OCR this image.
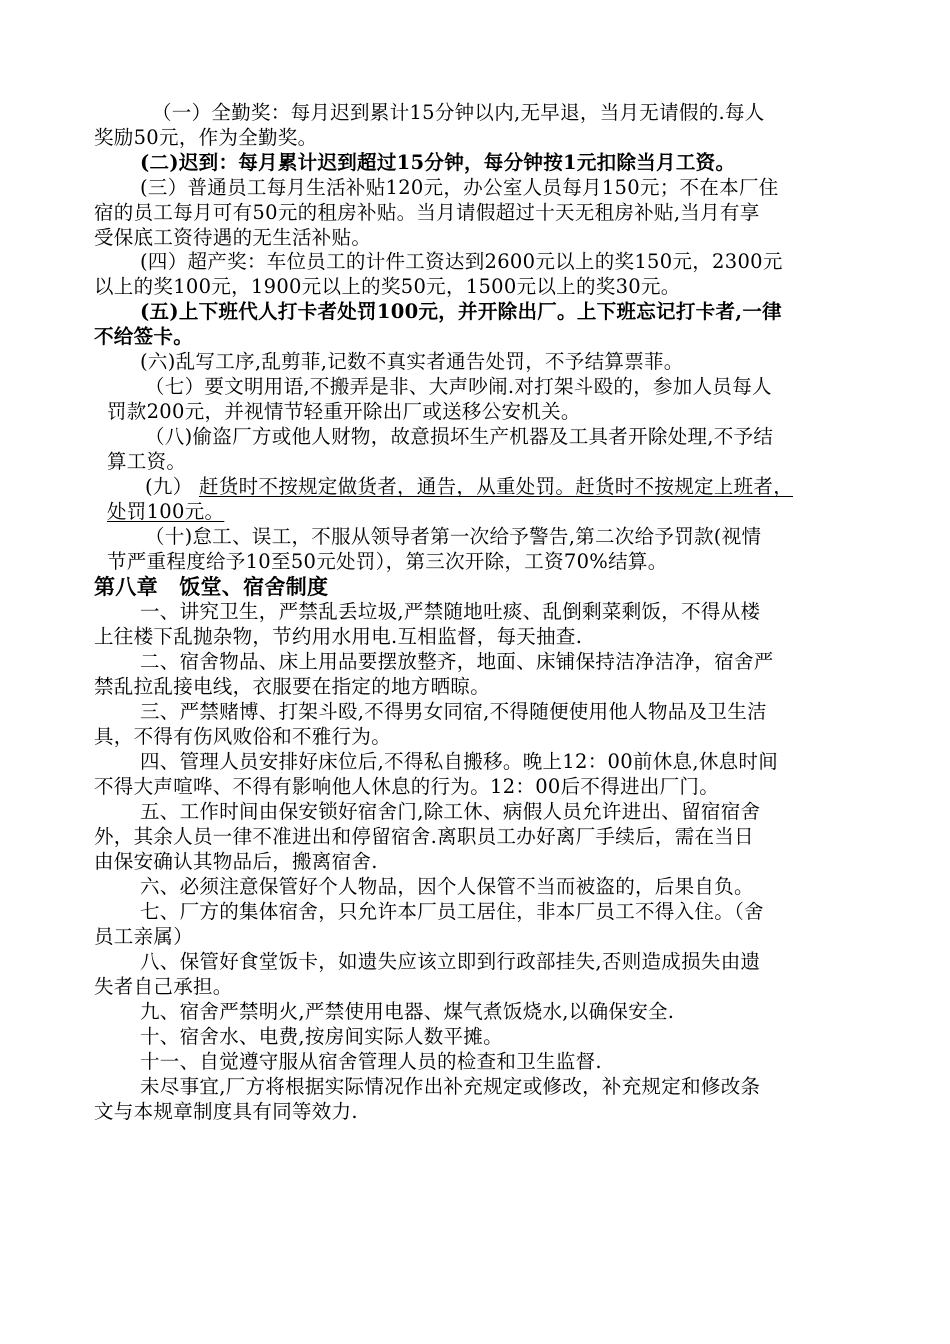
（一）全勤奖：每月迟到累计15分钟以内,无早退，当月无请假的.每人
奖励50元，作为全勤奖。
(二)迟到：每月累计迟到超过15分钟，每分钟按1元扣除当月工资。
(三）普通员工每月生活补贴120元，办公室人员每月150元；不在本厂住
宿的员工每月可有50元的租房补贴。当月请假超过十天无租房补贴,当月有享
受保底工资待遇的无生活补贴。
(四）超产奖：车位员工的计件工资达到2600元以上的奖150元，2300元
以上的奖100元，1900元以上的奖50元，1500元以上的奖30元。
(五)上下班代人打卡者处罚100元，并开除出厂。上下班忘记打卡者,一律
不给签卡。
(六)乱写工序,乱剪菲,记数不真实者通告处罚，不予结算票菲。
（七）要文明用语,不搬弄是非、大声吵闹.对打架斗殴的，参加人员每人
罚款200元，并视情节轻重开除出厂或送移公安机关。
（八)偷盗厂方或他人财物，故意损坏生产机器及工具者开除处理,不予结
算工资。
(九） 赶货时不按规定做货者，通告，从重处罚。赶货时不按规定上班者，
处罚100元。
（十)怠工、误工，不服从领导者第一次给予警告,第二次给予罚款(视情
节严重程度给予10至50元处罚），第三次开除，工资70%结算。
第八章　饭堂、宿舍制度
一、讲究卫生，严禁乱丢垃圾,严禁随地吐痰、乱倒剩菜剩饭，不得从楼
上往楼下乱抛杂物，节约用水用电.互相监督，每天抽查.
二、宿舍物品、床上用品要摆放整齐，地面、床铺保持洁净洁净，宿舍严
禁乱拉乱接电线，衣服要在指定的地方晒晾。
三、严禁赌博、打架斗殴,不得男女同宿,不得随便使用他人物品及卫生洁
具，不得有伤风败俗和不雅行为。
四、管理人员安排好床位后,不得私自搬移。晚上12：00前休息,休息时间
不得大声喧哗、不得有影响他人休息的行为。12：00后不得进出厂门。
五、工作时间由保安锁好宿舍门,除工休、病假人员允许进出、留宿宿舍
外，其余人员一律不准进出和停留宿舍.离职员工办好离厂手续后，需在当日
由保安确认其物品后，搬离宿舍.
六、必须注意保管好个人物品，因个人保管不当而被盗的，后果自负。
七、厂方的集体宿舍，只允许本厂员工居住，非本厂员工不得入住。（舍
员工亲属）
八、保管好食堂饭卡，如遗失应该立即到行政部挂失,否则造成损失由遗
失者自己承担。
九、宿舍严禁明火,严禁使用电器、煤气煮饭烧水,以确保安全.
十、宿舍水、电费,按房间实际人数平摊。
十一、自觉遵守服从宿舍管理人员的检查和卫生监督.
未尽事宜,厂方将根据实际情况作出补充规定或修改，补充规定和修改条
文与本规章制度具有同等效力.
